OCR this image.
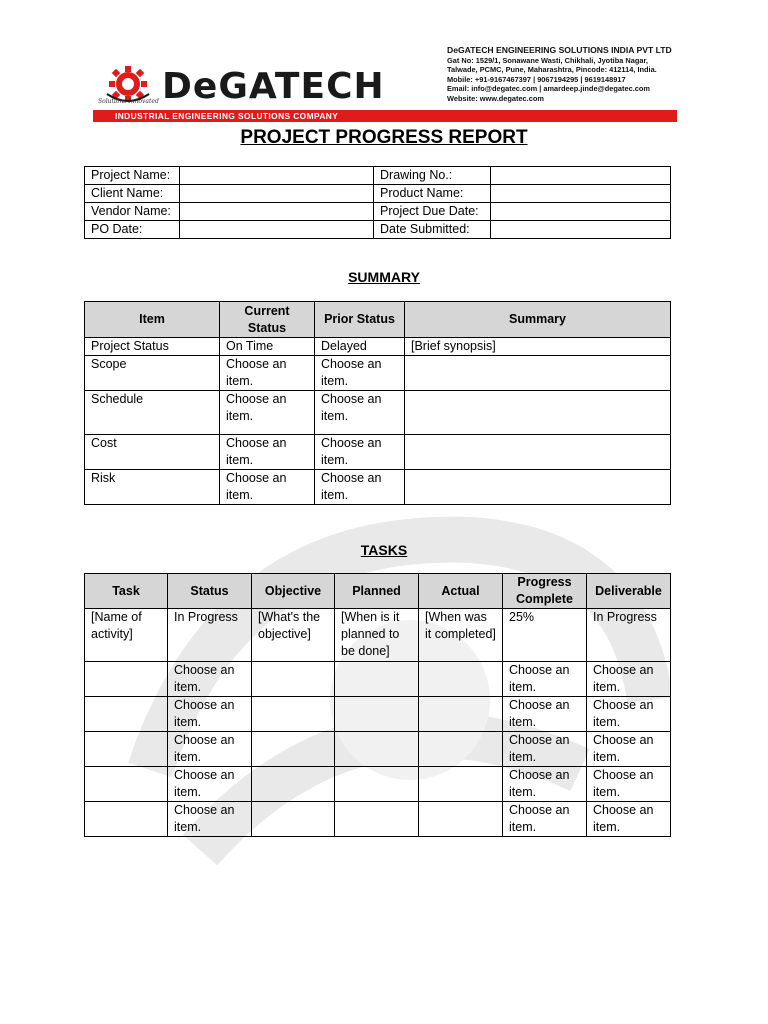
DeGATECH
Solutions Innovated
DeGATECH ENGINEERING SOLUTIONS INDIA PVT LTD
Gat No: 1529/1, Sonawane Wasti, Chikhali, Jyotiba Nagar,
Talwade, PCMC, Pune, Maharashtra, Pincode: 412114, India.
Mobile: +91-9167467397 | 9067194295 | 9619148917
Email: info@degatec.com | amardeep.jinde@degatec.com
Website: www.degatec.com
INDUSTRIAL ENGINEERING SOLUTIONS COMPANY
PROJECT PROGRESS REPORT
Project Name:		Drawing No.:	
Client Name:		Product Name:	
Vendor Name:		Project Due Date:	
PO Date:		Date Submitted:	
SUMMARY
Item	Current Status	Prior Status	Summary
Project Status	On Time	Delayed	[Brief synopsis]
Scope	Choose an item.	Choose an item.	
Schedule	Choose an item.	Choose an item.	
Cost	Choose an item.	Choose an item.	
Risk	Choose an item.	Choose an item.	
TASKS
Task	Status	Objective	Planned	Actual	Progress Complete	Deliverable
[Name of activity]	In Progress	[What's the objective]	[When is it planned to be done]	[When was it completed]	25%	In Progress
	Choose an item.				Choose an item.	Choose an item.
	Choose an item.				Choose an item.	Choose an item.
	Choose an item.				Choose an item.	Choose an item.
	Choose an item.				Choose an item.	Choose an item.
	Choose an item.				Choose an item.	Choose an item.
